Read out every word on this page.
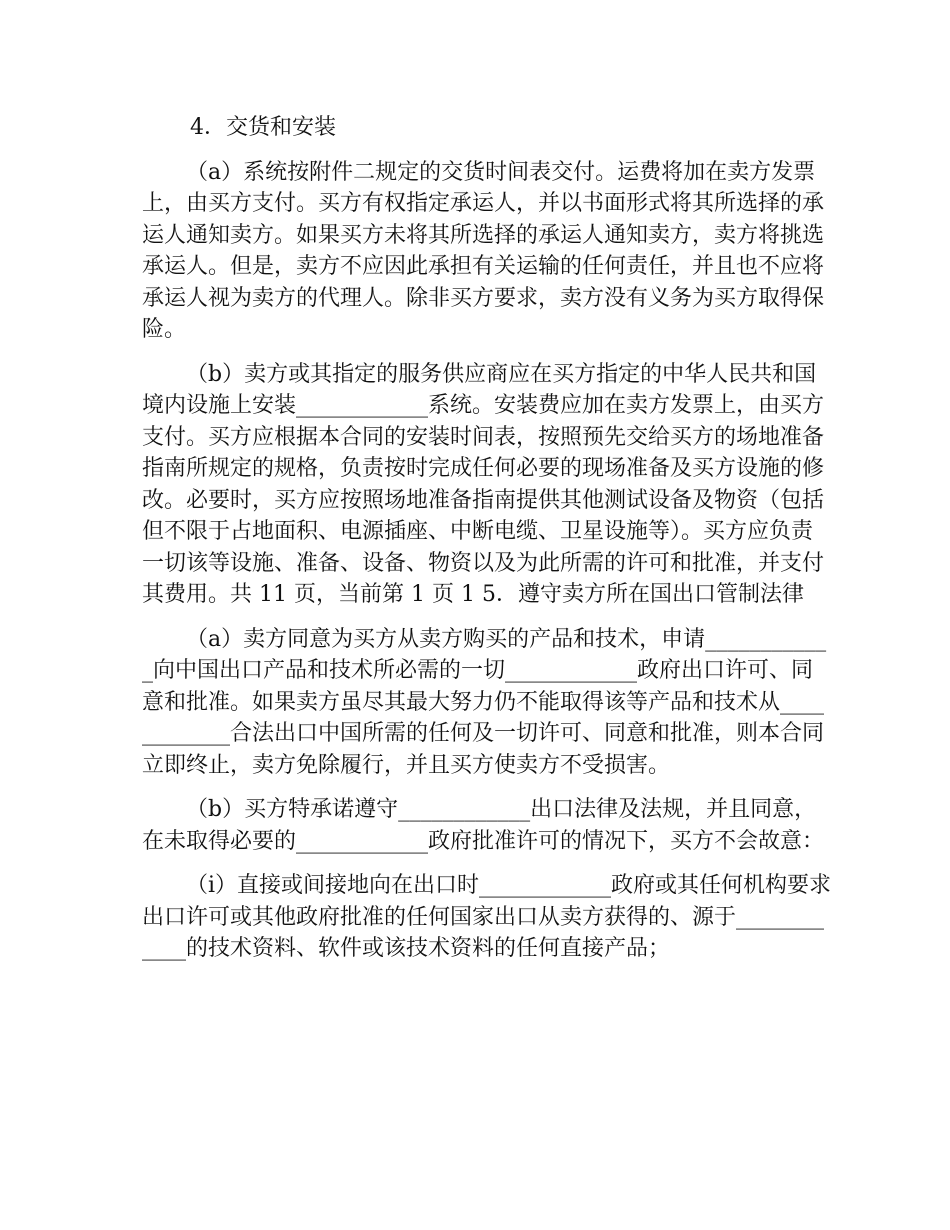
4．交货和安装

（a）系统按附件二规定的交货时间表交付。运费将加在卖方发票上，由买方支付。买方有权指定承运人，并以书面形式将其所选择的承运人通知卖方。如果买方未将其所选择的承运人通知卖方，卖方将挑选承运人。但是，卖方不应因此承担有关运输的任何责任，并且也不应将承运人视为卖方的代理人。除非买方要求，卖方没有义务为买方取得保险。

（b）卖方或其指定的服务供应商应在买方指定的中华人民共和国境内设施上安装____________系统。安装费应加在卖方发票上，由买方支付。买方应根据本合同的安装时间表，按照预先交给买方的场地准备指南所规定的规格，负责按时完成任何必要的现场准备及买方设施的修改。必要时，买方应按照场地准备指南提供其他测试设备及物资（包括但不限于占地面积、电源插座、中断电缆、卫星设施等）。买方应负责一切该等设施、准备、设备、物资以及为此所需的许可和批准，并支付其费用。共 11 页，当前第 1 页 1 5．遵守卖方所在国出口管制法律

（a）卖方同意为买方从卖方购买的产品和技术，申请____________向中国出口产品和技术所必需的一切____________政府出口许可、同意和批准。如果卖方虽尽其最大努力仍不能取得该等产品和技术从____________合法出口中国所需的任何及一切许可、同意和批准，则本合同立即终止，卖方免除履行，并且买方使卖方不受损害。

（b）买方特承诺遵守____________出口法律及法规，并且同意，在未取得必要的____________政府批准许可的情况下，买方不会故意：

（i）直接或间接地向在出口时____________政府或其任何机构要求出口许可或其他政府批准的任何国家出口从卖方获得的、源于____________的技术资料、软件或该技术资料的任何直接产品；
